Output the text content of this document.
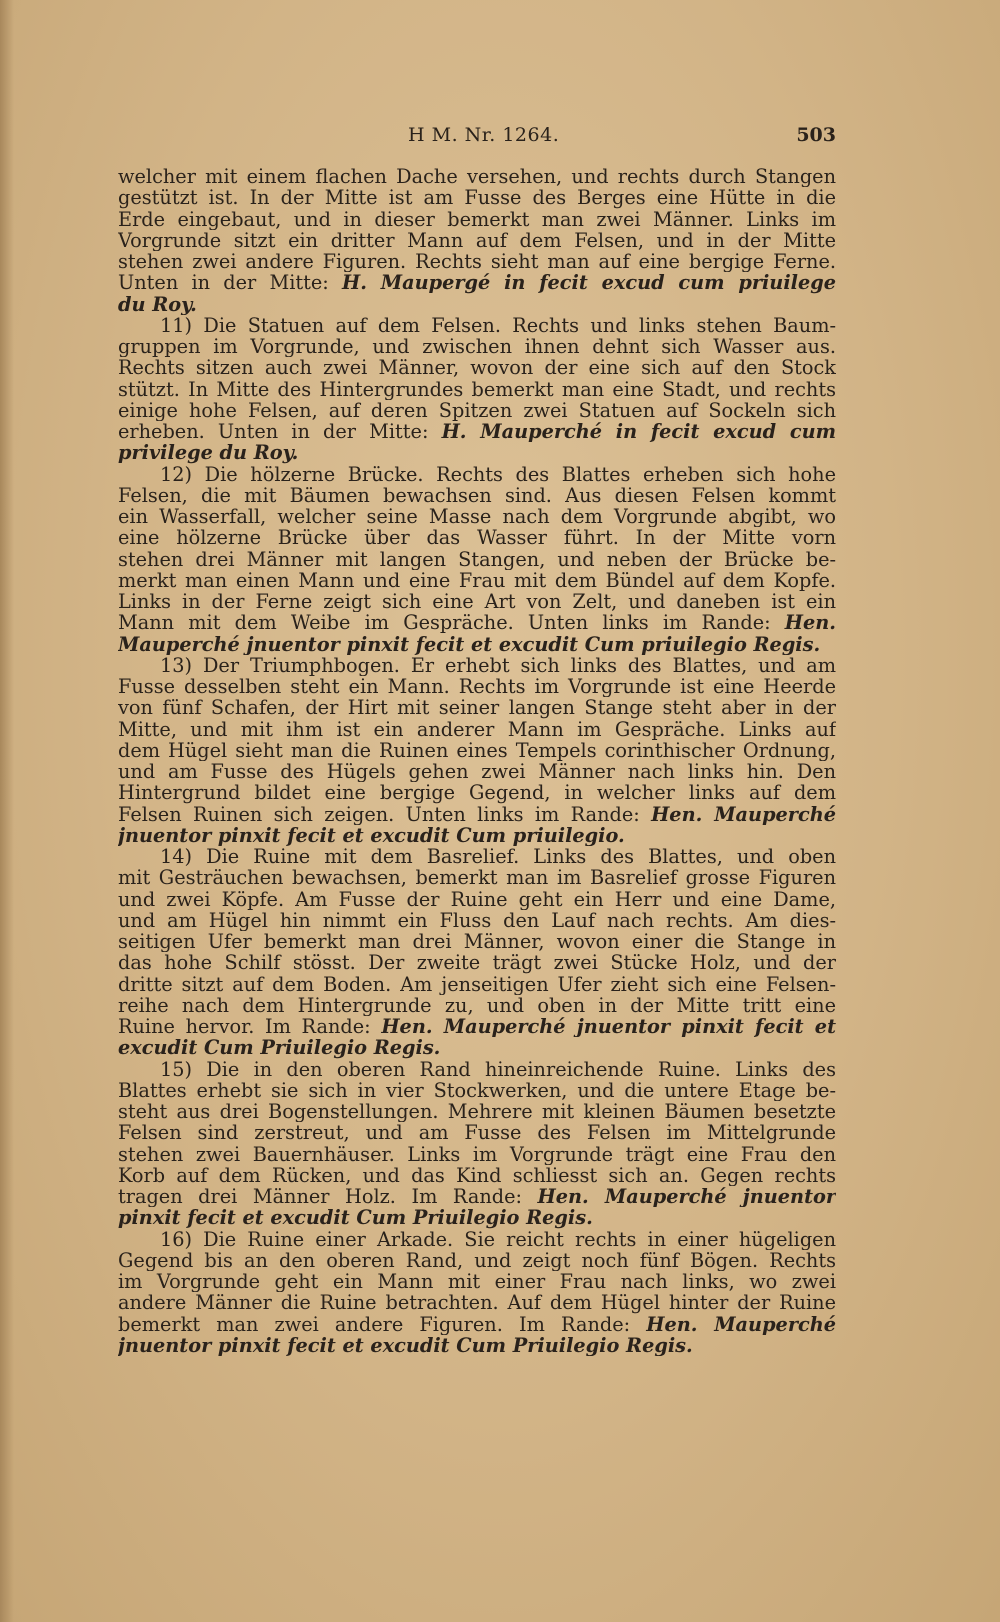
H M. Nr. 1264.	503
welcher mit einem flachen Dache versehen, und rechts durch Stangen
gestützt ist. In der Mitte ist am Fusse des Berges eine Hütte in die
Erde eingebaut, und in dieser bemerkt man zwei Männer. Links im
Vorgrunde sitzt ein dritter Mann auf dem Felsen, und in der Mitte
stehen zwei andere Figuren. Rechts sieht man auf eine bergige Ferne.
Unten in der Mitte: H. Maupergé in fecit excud cum priuilege
du Roy.
11) Die Statuen auf dem Felsen. Rechts und links stehen Baum-
gruppen im Vorgrunde, und zwischen ihnen dehnt sich Wasser aus.
Rechts sitzen auch zwei Männer, wovon der eine sich auf den Stock
stützt. In Mitte des Hintergrundes bemerkt man eine Stadt, und rechts
einige hohe Felsen, auf deren Spitzen zwei Statuen auf Sockeln sich
erheben. Unten in der Mitte: H. Mauperché in fecit excud cum
privilege du Roy.
12) Die hölzerne Brücke. Rechts des Blattes erheben sich hohe
Felsen, die mit Bäumen bewachsen sind. Aus diesen Felsen kommt
ein Wasserfall, welcher seine Masse nach dem Vorgrunde abgibt, wo
eine hölzerne Brücke über das Wasser führt. In der Mitte vorn
stehen drei Männer mit langen Stangen, und neben der Brücke be-
merkt man einen Mann und eine Frau mit dem Bündel auf dem Kopfe.
Links in der Ferne zeigt sich eine Art von Zelt, und daneben ist ein
Mann mit dem Weibe im Gespräche. Unten links im Rande: Hen.
Mauperché jnuentor pinxit fecit et excudit Cum priuilegio Regis.
13) Der Triumphbogen. Er erhebt sich links des Blattes, und am
Fusse desselben steht ein Mann. Rechts im Vorgrunde ist eine Heerde
von fünf Schafen, der Hirt mit seiner langen Stange steht aber in der
Mitte, und mit ihm ist ein anderer Mann im Gespräche. Links auf
dem Hügel sieht man die Ruinen eines Tempels corinthischer Ordnung,
und am Fusse des Hügels gehen zwei Männer nach links hin. Den
Hintergrund bildet eine bergige Gegend, in welcher links auf dem
Felsen Ruinen sich zeigen. Unten links im Rande: Hen. Mauperché
jnuentor pinxit fecit et excudit Cum priuilegio.
14) Die Ruine mit dem Basrelief. Links des Blattes, und oben
mit Gesträuchen bewachsen, bemerkt man im Basrelief grosse Figuren
und zwei Köpfe. Am Fusse der Ruine geht ein Herr und eine Dame,
und am Hügel hin nimmt ein Fluss den Lauf nach rechts. Am dies-
seitigen Ufer bemerkt man drei Männer, wovon einer die Stange in
das hohe Schilf stösst. Der zweite trägt zwei Stücke Holz, und der
dritte sitzt auf dem Boden. Am jenseitigen Ufer zieht sich eine Felsen-
reihe nach dem Hintergrunde zu, und oben in der Mitte tritt eine
Ruine hervor. Im Rande: Hen. Mauperché jnuentor pinxit fecit et
excudit Cum Priuilegio Regis.
15) Die in den oberen Rand hineinreichende Ruine. Links des
Blattes erhebt sie sich in vier Stockwerken, und die untere Etage be-
steht aus drei Bogenstellungen. Mehrere mit kleinen Bäumen besetzte
Felsen sind zerstreut, und am Fusse des Felsen im Mittelgrunde
stehen zwei Bauernhäuser. Links im Vorgrunde trägt eine Frau den
Korb auf dem Rücken, und das Kind schliesst sich an. Gegen rechts
tragen drei Männer Holz. Im Rande: Hen. Mauperché jnuentor
pinxit fecit et excudit Cum Priuilegio Regis.
16) Die Ruine einer Arkade. Sie reicht rechts in einer hügeligen
Gegend bis an den oberen Rand, und zeigt noch fünf Bögen. Rechts
im Vorgrunde geht ein Mann mit einer Frau nach links, wo zwei
andere Männer die Ruine betrachten. Auf dem Hügel hinter der Ruine
bemerkt man zwei andere Figuren. Im Rande: Hen. Mauperché
jnuentor pinxit fecit et excudit Cum Priuilegio Regis.
